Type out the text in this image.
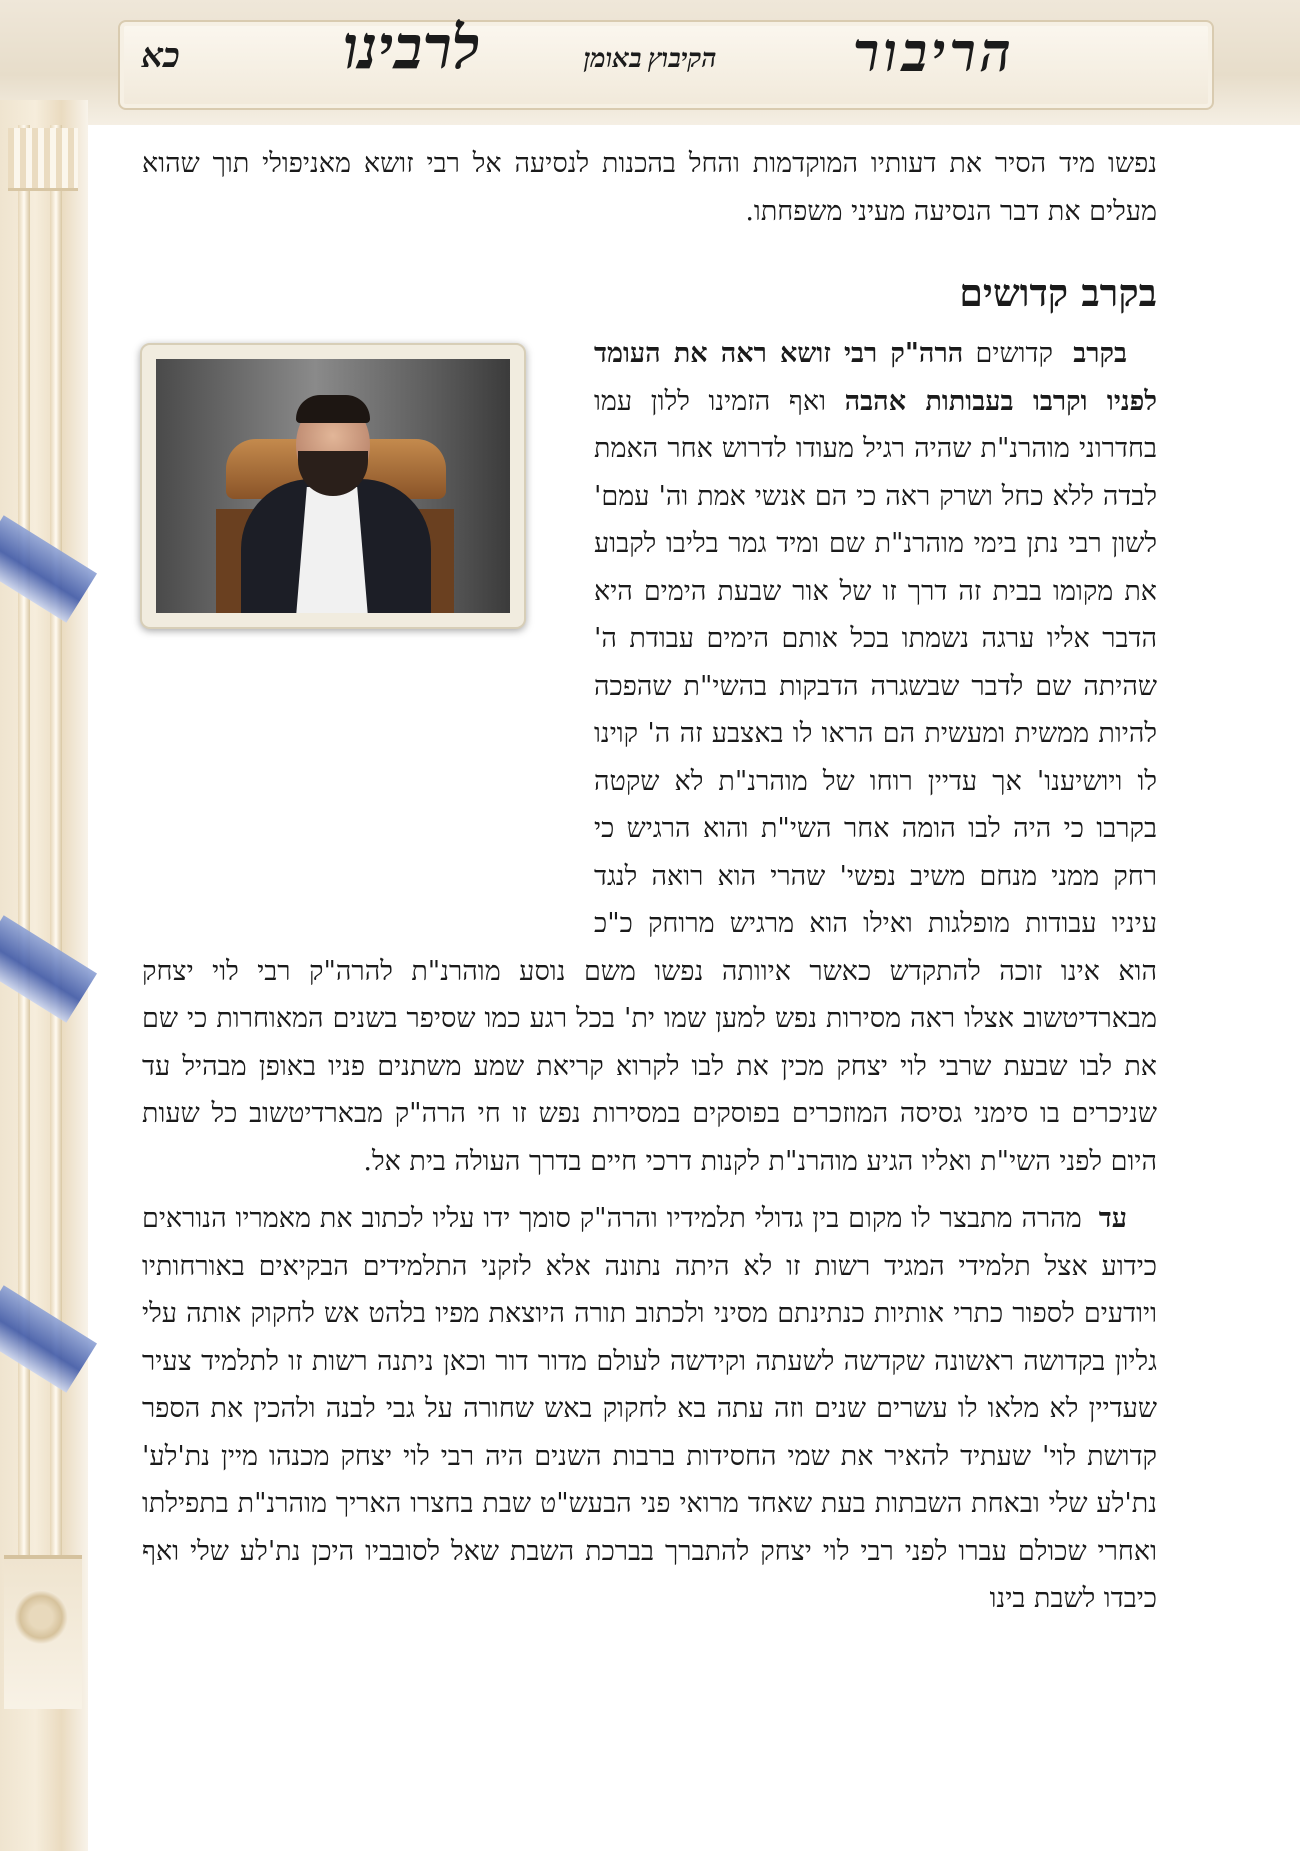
הריבור
הקיבוץ באומן
לרבינו
כא
נפשו מיד הסיר את דעותיו המוקדמות והחל בהכנות לנסיעה אל רבי זושא מאניפולי תוך שהוא מעלים את דבר הנסיעה מעיני משפחתו.
בקרב קדושים
בקרב קדושים הרה"ק רבי זושא ראה את העומד לפניו וקרבו בעבותות אהבה ואף הזמינו ללון עמו בחדרוני מוהרנ"ת שהיה רגיל מעודו לדרוש אחר האמת לבדה ללא כחל ושרק ראה כי הם אנשי אמת וה' עמם' לשון רבי נתן בימי מוהרנ"ת שם ומיד גמר בליבו לקבוע את מקומו בבית זה דרך זו של אור שבעת הימים היא הדבר אליו ערגה נשמתו בכל אותם הימים עבודת ה' שהיתה שם לדבר שבשגרה הדבקות בהשי"ת שהפכה להיות ממשית ומעשית הם הראו לו באצבע זה ה' קוינו לו ויושיענו' אך עדיין רוחו של מוהרנ"ת לא שקטה בקרבו כי היה לבו הומה אחר השי"ת והוא הרגיש כי רחק ממני מנחם משיב נפשי' שהרי הוא רואה לנגד עיניו עבודות מופלגות ואילו הוא מרגיש מרוחק כ"כ הוא אינו זוכה להתקדש כאשר איוותה נפשו משם נוסע מוהרנ"ת להרה"ק רבי לוי יצחק מבארדיטשוב אצלו ראה מסירות נפש למען שמו ית' בכל רגע כמו שסיפר בשנים המאוחרות כי שם את לבו שבעת שרבי לוי יצחק מכין את לבו לקרוא קריאת שמע משתנים פניו באופן מבהיל עד שניכרים בו סימני גסיסה המוזכרים בפוסקים במסירות נפש זו חי הרה"ק מבארדיטשוב כל שעות היום לפני השי"ת ואליו הגיע מוהרנ"ת לקנות דרכי חיים בדרך העולה בית אל.
עד מהרה מתבצר לו מקום בין גדולי תלמידיו והרה"ק סומך ידו עליו לכתוב את מאמריו הנוראים כידוע אצל תלמידי המגיד רשות זו לא היתה נתונה אלא לזקני התלמידים הבקיאים באורחותיו ויודעים לספור כתרי אותיות כנתינתם מסיני ולכתוב תורה היוצאת מפיו בלהט אש לחקוק אותה עלי גליון בקדושה ראשונה שקדשה לשעתה וקידשה לעולם מדור דור וכאן ניתנה רשות זו לתלמיד צעיר שעדיין לא מלאו לו עשרים שנים וזה עתה בא לחקוק באש שחורה על גבי לבנה ולהכין את הספר קדושת לוי' שעתיד להאיר את שמי החסידות ברבות השנים היה רבי לוי יצחק מכנהו מיין נת'לע' נת'לע שלי ובאחת השבתות בעת שאחד מרואי פני הבעש"ט שבת בחצרו האריך מוהרנ"ת בתפילתו ואחרי שכולם עברו לפני רבי לוי יצחק להתברך בברכת השבת שאל לסובביו היכן נת'לע שלי ואף כיבדו לשבת בינו
